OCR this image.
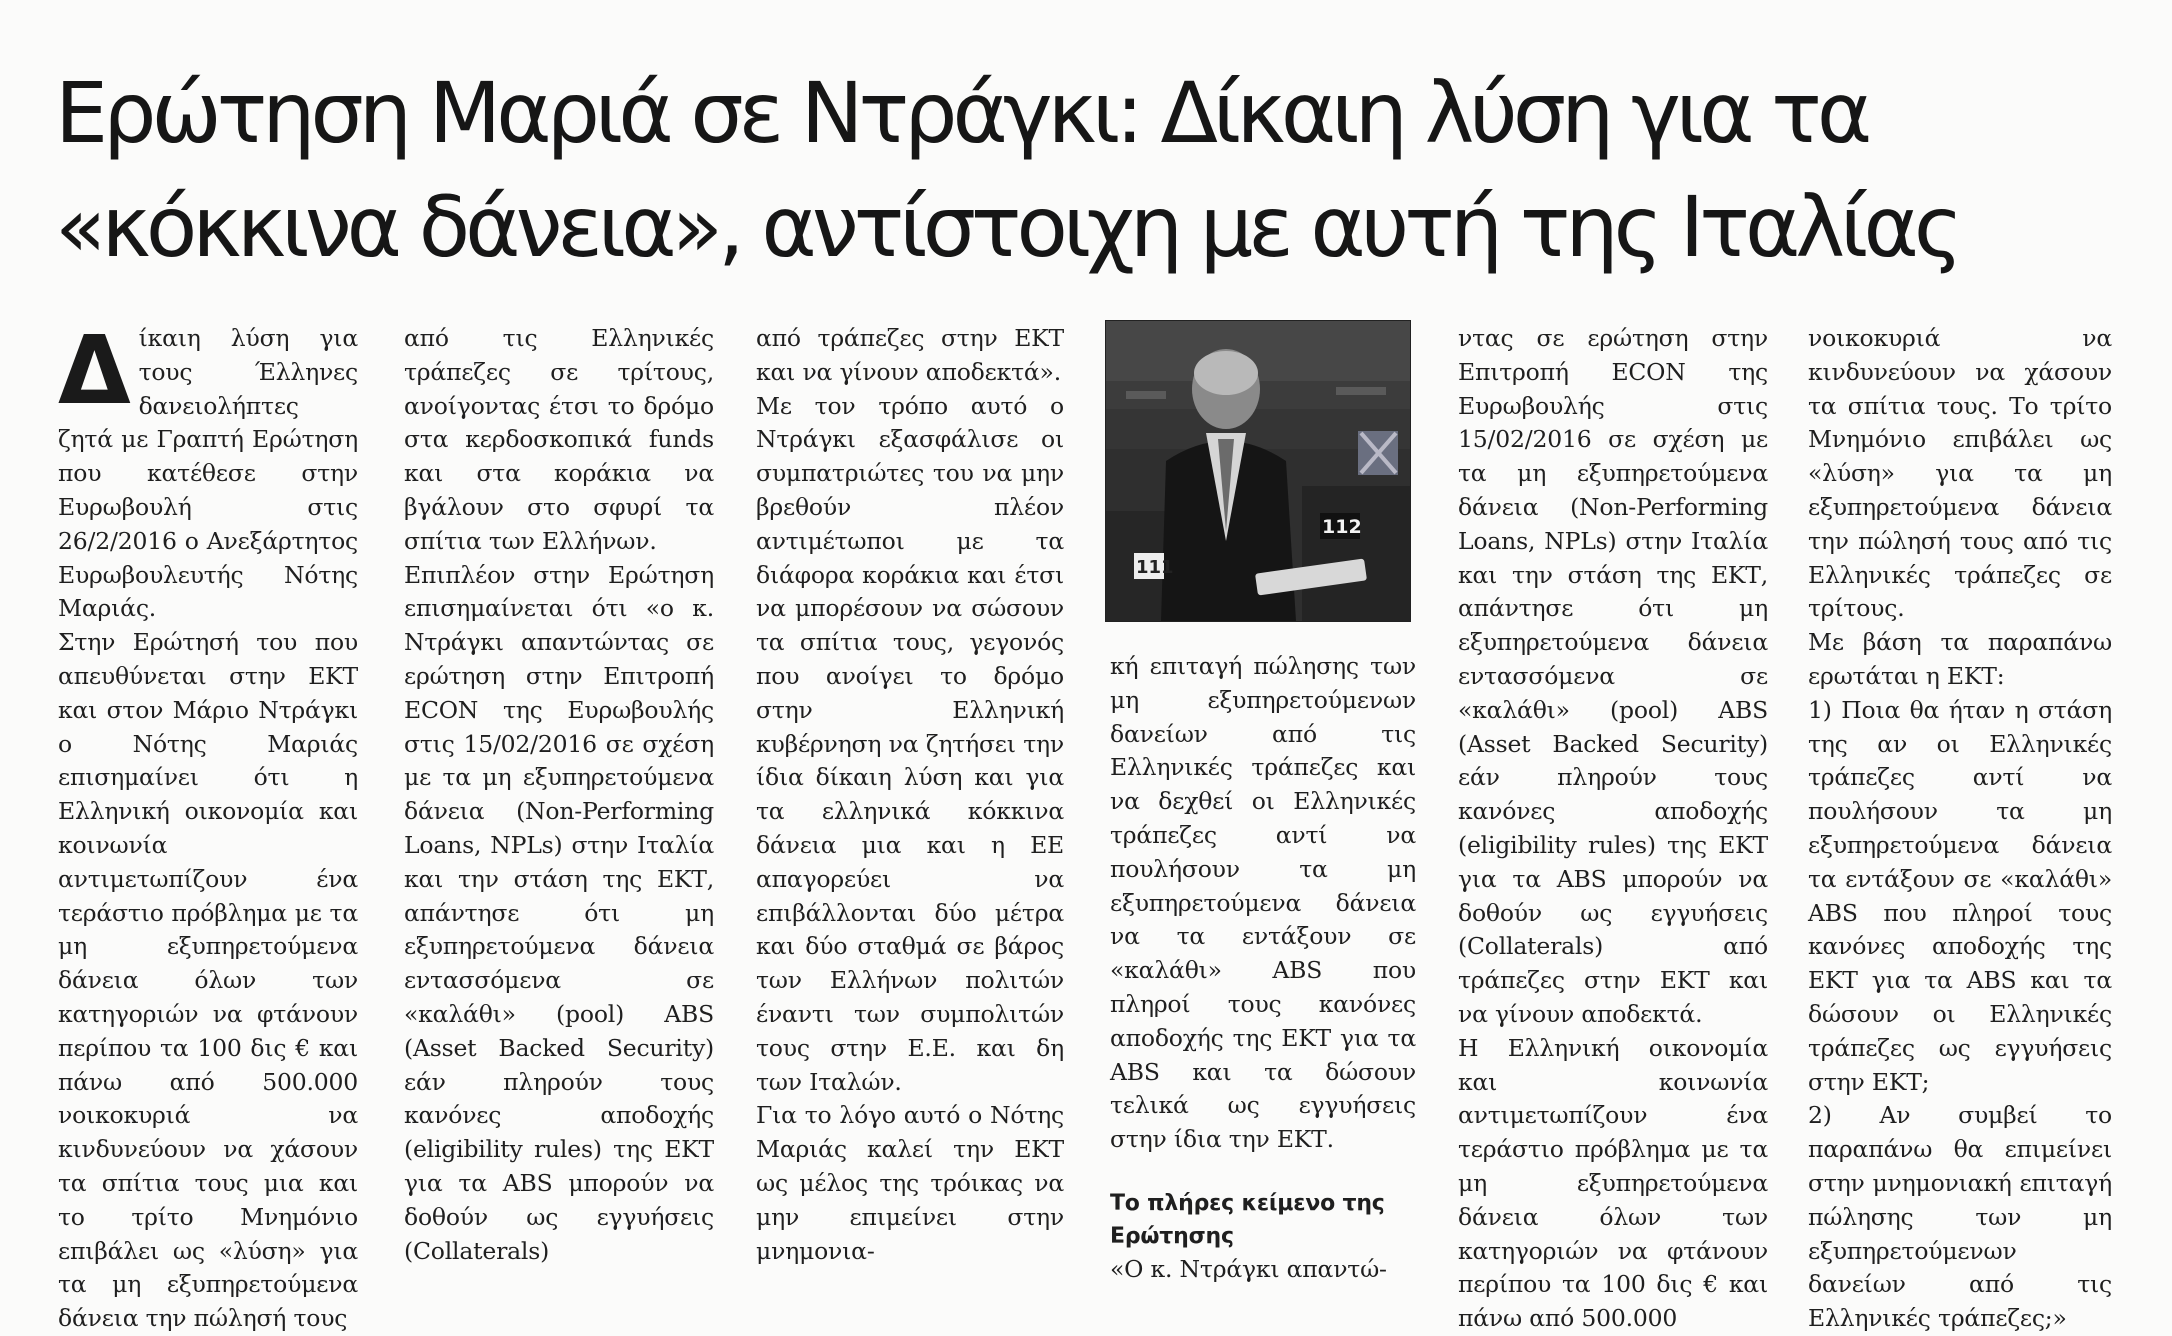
Ερώτηση Μαριά σε Ντράγκι: Δίκαιη λύση για τα «κόκκινα δάνεια», αντίστοιχη με αυτή της Ιταλίας
Δ ίκαιη λύση για τους Έλληνες δανειολήπτες ζητά με Γραπτή Ερώτηση που κατέθεσε στην Ευρωβουλή στις 26/2/2016 ο Ανεξάρτητος Ευρωβουλευτής Νότης Μαριάς.

Στην Ερώτησή του που απευθύνεται στην ΕΚΤ και στον Μάριο Ντράγκι ο Νότης Μαριάς επισημαίνει ότι η Ελληνική οικονομία και κοινωνία αντιμετωπίζουν ένα τεράστιο πρόβλημα με τα μη εξυπηρετούμενα δάνεια όλων των κατηγοριών να φτάνουν περίπου τα 100 δις € και πάνω από 500.000 νοικοκυριά να κινδυνεύουν να χάσουν τα σπίτια τους μια και το τρίτο Μνημόνιο επιβάλει ως «λύση» για τα μη εξυπηρετούμενα δάνεια την πώλησή τους

από τις Ελληνικές τράπεζες σε τρίτους, ανοίγοντας έτσι το δρόμο στα κερδοσκοπικά funds και στα κοράκια να βγάλουν στο σφυρί τα σπίτια των Ελλήνων.

Επιπλέον στην Ερώτηση επισημαίνεται ότι «ο κ. Ντράγκι απαντώντας σε ερώτηση στην Επιτροπή ECON της Ευρωβουλής στις 15/02/2016 σε σχέση με τα μη εξυπηρετούμενα δάνεια (Non-Performing Loans, NPLs) στην Ιταλία και την στάση της ΕΚΤ, απάντησε ότι μη εξυπηρετούμενα δάνεια εντασσόμενα σε «καλάθι» (pool) ABS (Asset Backed Security) εάν πληρούν τους κανόνες αποδοχής (eligibility rules) της ΕΚΤ για τα ABS μπορούν να δοθούν ως εγγυήσεις (Collaterals)

από τράπεζες στην ΕΚΤ και να γίνουν αποδεκτά».

Με τον τρόπο αυτό ο Ντράγκι εξασφάλισε οι συμπατριώτες του να μην βρεθούν πλέον αντιμέτωποι με τα διάφορα κοράκια και έτσι να μπορέσουν να σώσουν τα σπίτια τους, γεγονός που ανοίγει το δρόμο στην Ελληνική κυβέρνηση να ζητήσει την ίδια δίκαιη λύση και για τα ελληνικά κόκκινα δάνεια μια και η ΕΕ απαγορεύει να επιβάλλονται δύο μέτρα και δύο σταθμά σε βάρος των Ελλήνων πολιτών έναντι των συμπολιτών τους στην Ε.Ε. και δη των Ιταλών.

Για το λόγο αυτό ο Νότης Μαριάς καλεί την ΕΚΤ ως μέλος της τρόικας να μην επιμείνει στην μνημονια-

111
112

κή επιταγή πώλησης των μη εξυπηρετούμενων δανείων από τις Ελληνικές τράπεζες και να δεχθεί οι Ελληνικές τράπεζες αντί να πουλήσουν τα μη εξυπηρετούμενα δάνεια να τα εντάξουν σε «καλάθι» ABS που πληροί τους κανόνες αποδοχής της ΕΚΤ για τα ABS και τα δώσουν τελικά ως εγγυήσεις στην ίδια την ΕΚΤ.

Το πλήρες κείμενο της Ερώτησης

«Ο κ. Ντράγκι απαντώ-

ντας σε ερώτηση στην Επιτροπή ECON της Ευρωβουλής στις 15/02/2016 σε σχέση με τα μη εξυπηρετούμενα δάνεια (Non-Performing Loans, NPLs) στην Ιταλία και την στάση της ΕΚΤ, απάντησε ότι μη εξυπηρετούμενα δάνεια εντασσόμενα σε «καλάθι» (pool) ABS (Asset Backed Security) εάν πληρούν τους κανόνες αποδοχής (eligibility rules) της ΕΚΤ για τα ABS μπορούν να δοθούν ως εγγυήσεις (Collaterals) από τράπεζες στην ΕΚΤ και να γίνουν αποδεκτά.

Η Ελληνική οικονομία και κοινωνία αντιμετωπίζουν ένα τεράστιο πρόβλημα με τα μη εξυπηρετούμενα δάνεια όλων των κατηγοριών να φτάνουν περίπου τα 100 δις € και πάνω από 500.000

νοικοκυριά να κινδυνεύουν να χάσουν τα σπίτια τους. Το τρίτο Μνημόνιο επιβάλει ως «λύση» για τα μη εξυπηρετούμενα δάνεια την πώλησή τους από τις Ελληνικές τράπεζες σε τρίτους.

Με βάση τα παραπάνω ερωτάται η ΕΚΤ:

1) Ποια θα ήταν η στάση της αν οι Ελληνικές τράπεζες αντί να πουλήσουν τα μη εξυπηρετούμενα δάνεια τα εντάξουν σε «καλάθι» ABS που πληροί τους κανόνες αποδοχής της ΕΚΤ για τα ABS και τα δώσουν οι Ελληνικές τράπεζες ως εγγυήσεις στην ΕΚΤ;

2) Αν συμβεί το παραπάνω θα επιμείνει στην μνημονιακή επιταγή πώλησης των μη εξυπηρετούμενων δανείων από τις Ελληνικές τράπεζες;»
